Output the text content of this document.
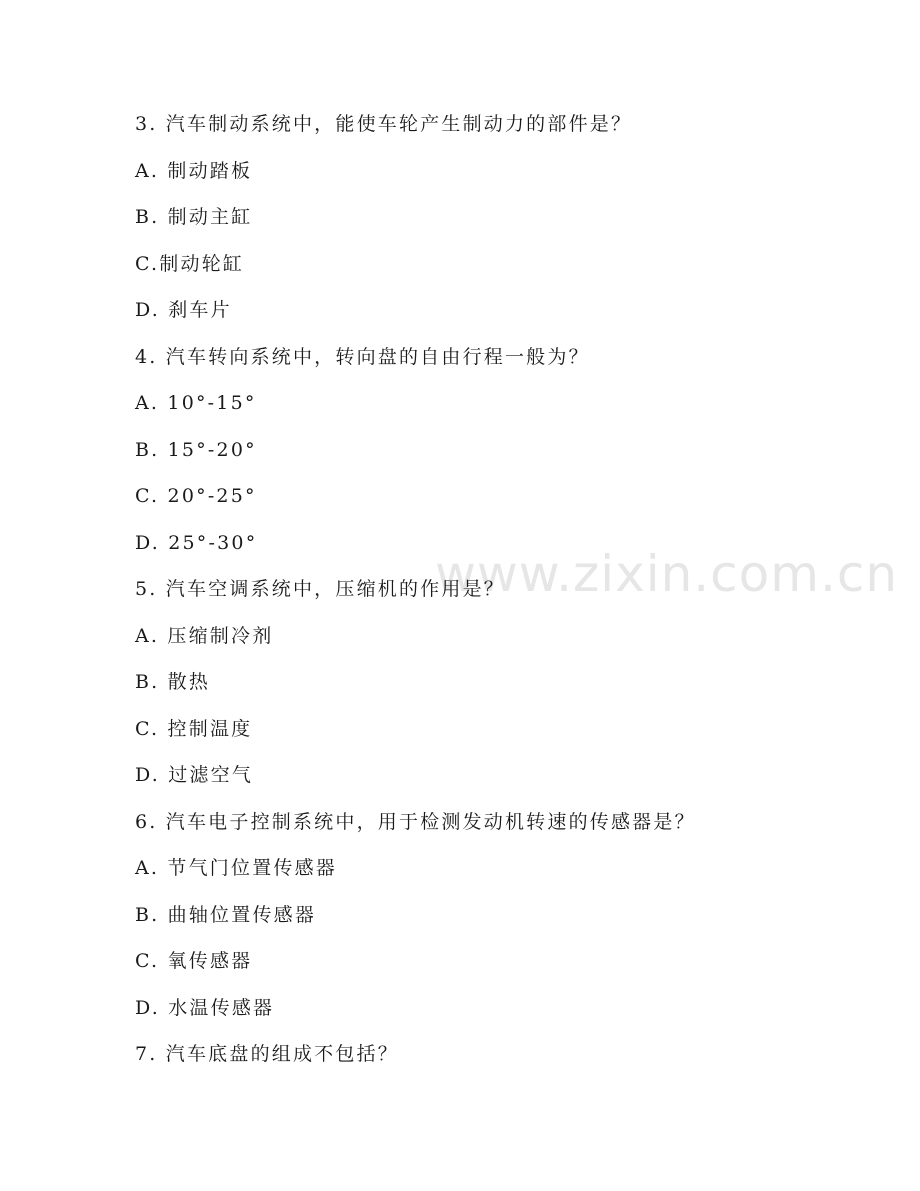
www.zixin.com.cn
3. 汽车制动系统中，能使车轮产生制动力的部件是？
A. 制动踏板
B. 制动主缸
C.制动轮缸
D. 刹车片
4. 汽车转向系统中，转向盘的自由行程一般为？
A. 10°-15°
B. 15°-20°
C. 20°-25°
D. 25°-30°
5. 汽车空调系统中，压缩机的作用是？
A. 压缩制冷剂
B. 散热
C. 控制温度
D. 过滤空气
6. 汽车电子控制系统中，用于检测发动机转速的传感器是？
A. 节气门位置传感器
B. 曲轴位置传感器
C. 氧传感器
D. 水温传感器
7. 汽车底盘的组成不包括？
